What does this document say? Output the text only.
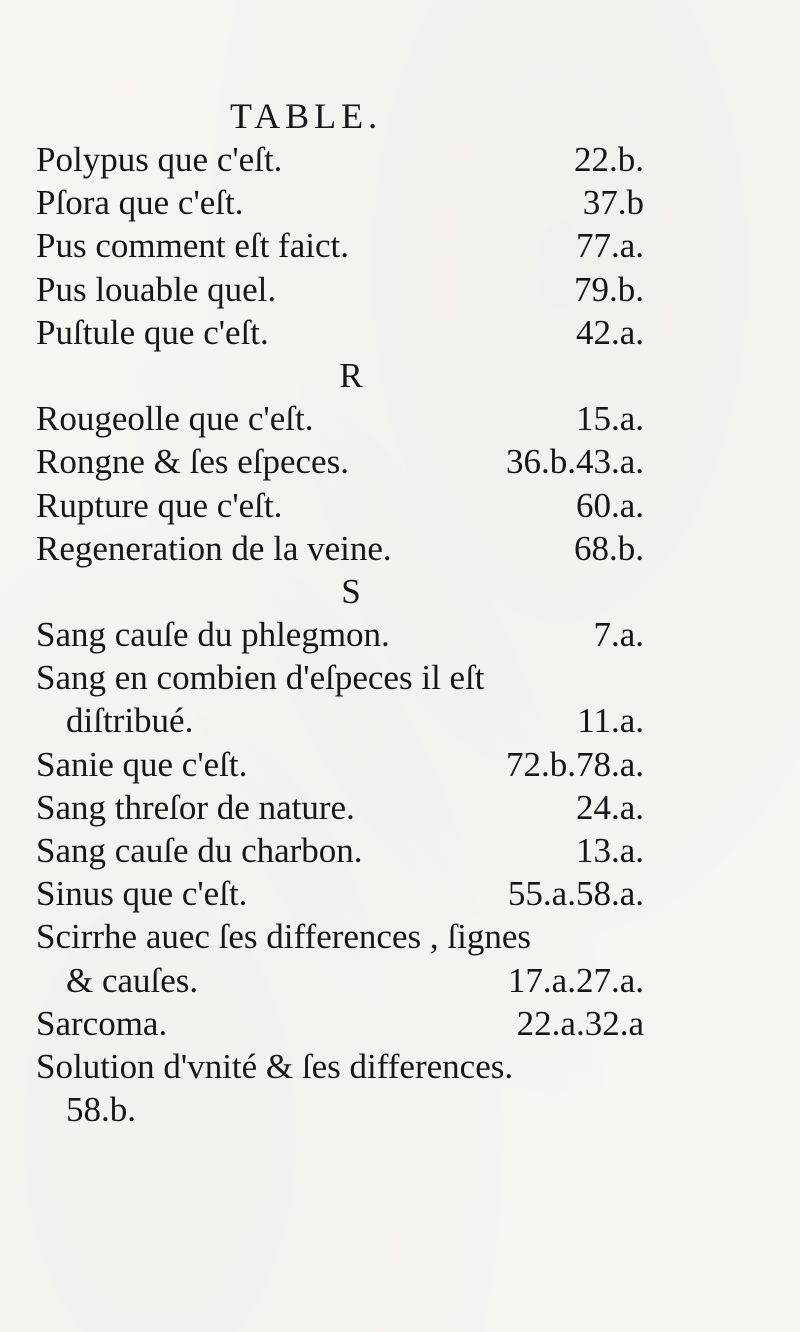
TABLE.
Polypus que c'eſt.	22.b.
Pſora que c'eſt.	37.b
Pus comment eſt faict.	77.a.
Pus louable quel.	79.b.
Puſtule que c'eſt.	42.a.
R
Rougeolle que c'eſt.	15.a.
Rongne & ſes eſpeces.	36.b.43.a.
Rupture que c'eſt.	60.a.
Regeneration de la veine.	68.b.
S
Sang cauſe du phlegmon.	7.a.
Sang en combien d'eſpeces il eſt
diſtribué.	11.a.
Sanie que c'eſt.	72.b.78.a.
Sang threſor de nature.	24.a.
Sang cauſe du charbon.	13.a.
Sinus que c'eſt.	55.a.58.a.
Scirrhe auec ſes differences , ſignes
& cauſes.	17.a.27.a.
Sarcoma.	22.a.32.a
Solution d'vnité & ſes differences.
58.b.
